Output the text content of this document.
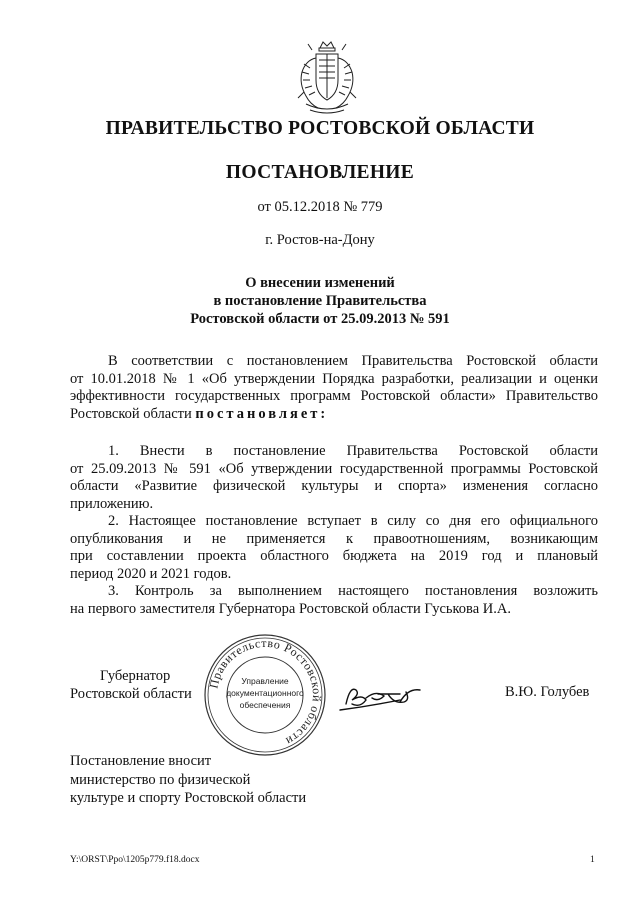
ПРАВИТЕЛЬСТВО РОСТОВСКОЙ ОБЛАСТИ
ПОСТАНОВЛЕНИЕ
от 05.12.2018 № 779
г. Ростов-на-Дону
О внесении изменений
в постановление Правительства
Ростовской области от 25.09.2013 № 591
В соответствии с постановлением Правительства Ростовской области
от 10.01.2018 № 1 «Об утверждении Порядка разработки, реализации и оценки
эффективности государственных программ Ростовской области» Правительство
Ростовской области постановляет:
1. Внести в постановление Правительства Ростовской области
от 25.09.2013 № 591 «Об утверждении государственной программы Ростовской
области «Развитие физической культуры и спорта» изменения согласно
приложению.
2. Настоящее постановление вступает в силу со дня его официального
опубликования и не применяется к правоотношениям, возникающим
при составлении проекта областного бюджета на 2019 год и плановый
период 2020 и 2021 годов.
3. Контроль за выполнением настоящего постановления возложить
на первого заместителя Губернатора Ростовской области Гуськова И.А.
Губернатор
Ростовской области
Правительство Ростовской области
Управление
документационного
обеспечения
В.Ю. Голубев
Постановление вносит
министерство по физической
культуре и спорту Ростовской области
Y:\ORST\Ppo\1205p779.f18.docx	1
